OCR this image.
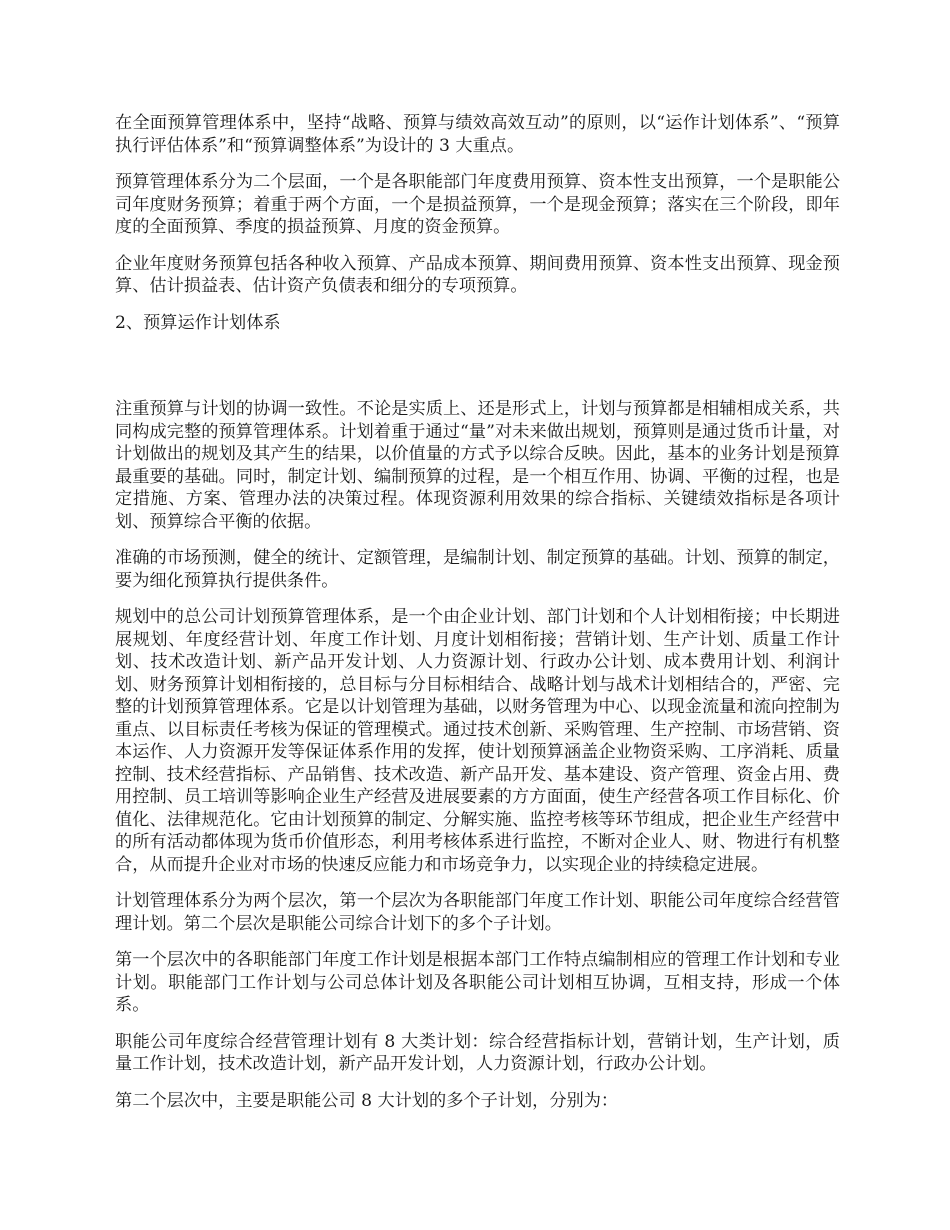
在全面预算管理体系中，坚持“战略、预算与绩效高效互动”的原则，以“运作计划体系”、“预算执行评估体系”和“预算调整体系”为设计的 3 大重点。

预算管理体系分为二个层面，一个是各职能部门年度费用预算、资本性支出预算，一个是职能公司年度财务预算；着重于两个方面，一个是损益预算，一个是现金预算；落实在三个阶段，即年度的全面预算、季度的损益预算、月度的资金预算。

企业年度财务预算包括各种收入预算、产品成本预算、期间费用预算、资本性支出预算、现金预算、估计损益表、估计资产负债表和细分的专项预算。

2、预算运作计划体系

注重预算与计划的协调一致性。不论是实质上、还是形式上，计划与预算都是相辅相成关系，共同构成完整的预算管理体系。计划着重于通过“量”对未来做出规划，预算则是通过货币计量，对计划做出的规划及其产生的结果，以价值量的方式予以综合反映。因此，基本的业务计划是预算最重要的基础。同时，制定计划、编制预算的过程，是一个相互作用、协调、平衡的过程，也是定措施、方案、管理办法的决策过程。体现资源利用效果的综合指标、关键绩效指标是各项计划、预算综合平衡的依据。

准确的市场预测，健全的统计、定额管理，是编制计划、制定预算的基础。计划、预算的制定，要为细化预算执行提供条件。

规划中的总公司计划预算管理体系，是一个由企业计划、部门计划和个人计划相衔接；中长期进展规划、年度经营计划、年度工作计划、月度计划相衔接；营销计划、生产计划、质量工作计划、技术改造计划、新产品开发计划、人力资源计划、行政办公计划、成本费用计划、利润计划、财务预算计划相衔接的，总目标与分目标相结合、战略计划与战术计划相结合的，严密、完整的计划预算管理体系。它是以计划管理为基础，以财务管理为中心、以现金流量和流向控制为重点、以目标责任考核为保证的管理模式。通过技术创新、采购管理、生产控制、市场营销、资本运作、人力资源开发等保证体系作用的发挥，使计划预算涵盖企业物资采购、工序消耗、质量控制、技术经营指标、产品销售、技术改造、新产品开发、基本建设、资产管理、资金占用、费用控制、员工培训等影响企业生产经营及进展要素的方方面面，使生产经营各项工作目标化、价值化、法律规范化。它由计划预算的制定、分解实施、监控考核等环节组成，把企业生产经营中的所有活动都体现为货币价值形态，利用考核体系进行监控，不断对企业人、财、物进行有机整合，从而提升企业对市场的快速反应能力和市场竞争力，以实现企业的持续稳定进展。

计划管理体系分为两个层次，第一个层次为各职能部门年度工作计划、职能公司年度综合经营管理计划。第二个层次是职能公司综合计划下的多个子计划。

第一个层次中的各职能部门年度工作计划是根据本部门工作特点编制相应的管理工作计划和专业计划。职能部门工作计划与公司总体计划及各职能公司计划相互协调，互相支持，形成一个体系。

职能公司年度综合经营管理计划有 8 大类计划：综合经营指标计划，营销计划，生产计划，质量工作计划，技术改造计划，新产品开发计划，人力资源计划，行政办公计划。

第二个层次中，主要是职能公司 8 大计划的多个子计划，分别为：
